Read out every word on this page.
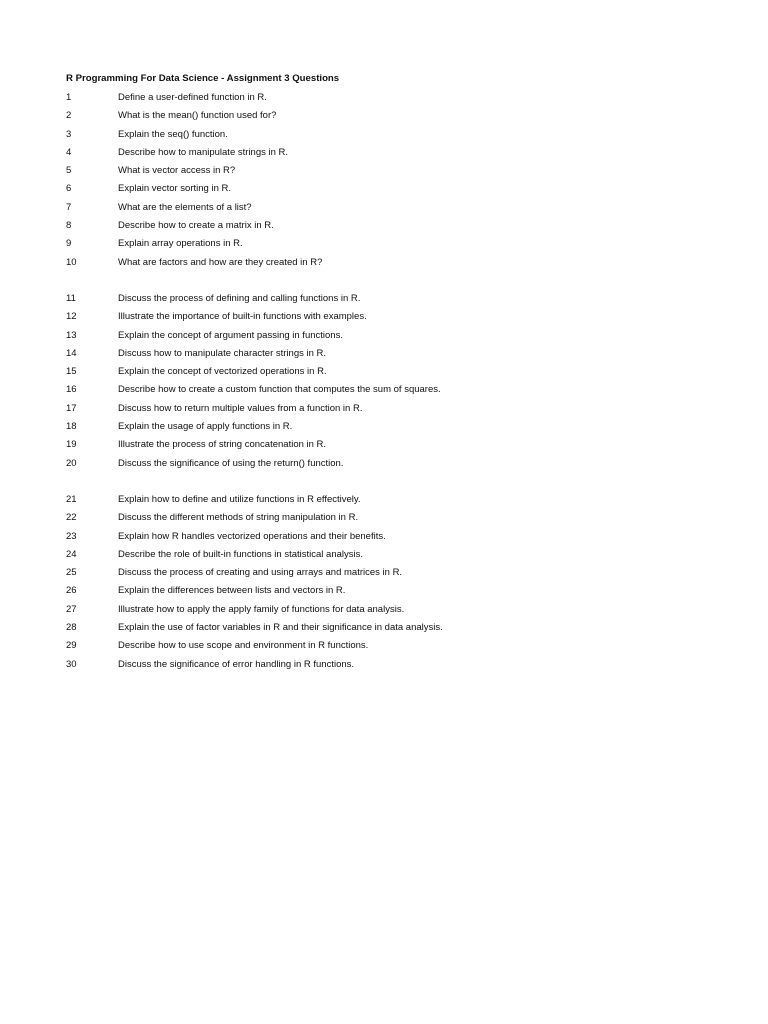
R Programming For Data Science - Assignment 3 Questions
1	Define a user-defined function in R.
2	What is the mean() function used for?
3	Explain the seq() function.
4	Describe how to manipulate strings in R.
5	What is vector access in R?
6	Explain vector sorting in R.
7	What are the elements of a list?
8	Describe how to create a matrix in R.
9	Explain array operations in R.
10	What are factors and how are they created in R?
11	Discuss the process of defining and calling functions in R.
12	Illustrate the importance of built-in functions with examples.
13	Explain the concept of argument passing in functions.
14	Discuss how to manipulate character strings in R.
15	Explain the concept of vectorized operations in R.
16	Describe how to create a custom function that computes the sum of squares.
17	Discuss how to return multiple values from a function in R.
18	Explain the usage of apply functions in R.
19	Illustrate the process of string concatenation in R.
20	Discuss the significance of using the return() function.
21	Explain how to define and utilize functions in R effectively.
22	Discuss the different methods of string manipulation in R.
23	Explain how R handles vectorized operations and their benefits.
24	Describe the role of built-in functions in statistical analysis.
25	Discuss the process of creating and using arrays and matrices in R.
26	Explain the differences between lists and vectors in R.
27	Illustrate how to apply the apply family of functions for data analysis.
28	Explain the use of factor variables in R and their significance in data analysis.
29	Describe how to use scope and environment in R functions.
30	Discuss the significance of error handling in R functions.
